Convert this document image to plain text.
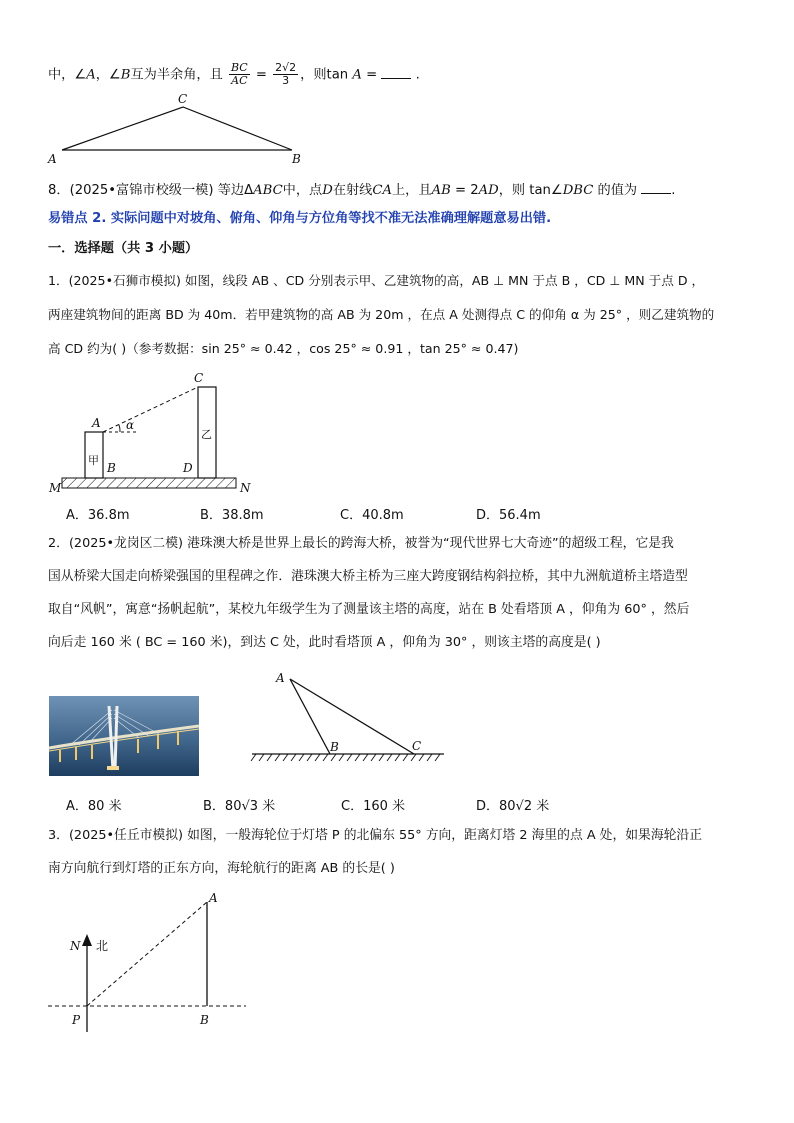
中，∠A，∠B互为半余角，且 $\frac{BC}{AC} = \frac{2√2}{3}$ ，则tan A =	.
A
C
B
8．(2025•富锦市校级一模) 等边ΔABC中，点D在射线CA上，且AB = 2AD，则 tan∠DBC 的值为	.
易错点 2. 实际问题中对坡角、俯角、仰角与方位角等找不准无法准确理解题意易出错.
一．选择题（共 3 小题）
1．(2025•石狮市模拟) 如图，线段 AB 、CD 分别表示甲、乙建筑物的高，AB ⊥ MN 于点 B ，CD ⊥ MN 于点 D ，
两座建筑物间的距离 BD 为 40m．若甲建筑物的高 AB 为 20m ，在点 A 处测得点 C 的仰角 α 为 25° ，则乙建筑物的
高 CD 约为( )（参考数据：sin 25° ≈ 0.42 ，cos 25° ≈ 0.91 ，tan 25° ≈ 0.47)
A α
C
甲
乙
B	D
M	N
A．36.8m	B．38.8m	C．40.8m	D．56.4m
2．(2025•龙岗区二模) 港珠澳大桥是世界上最长的跨海大桥，被誉为“现代世界七大奇迹”的超级工程，它是我
国从桥梁大国走向桥梁强国的里程碑之作．港珠澳大桥主桥为三座大跨度钢结构斜拉桥，其中九洲航道桥主塔造型
取自“风帆”，寓意“扬帆起航”，某校九年级学生为了测量该主塔的高度，站在 B 处看塔顶 A ，仰角为 60° ，然后
向后走 160 米 ( BC = 160 米)，到达 C 处，此时看塔顶 A ，仰角为 30° ，则该主塔的高度是( )
A
B	C
A．80 米	B．80√3 米	C．160 米	D．80√2 米
3．(2025•任丘市模拟) 如图，一般海轮位于灯塔 P 的北偏东 55° 方向，距离灯塔 2 海里的点 A 处，如果海轮沿正
南方向航行到灯塔的正东方向，海轮航行的距离 AB 的长是( )
N 北
A
P	B
